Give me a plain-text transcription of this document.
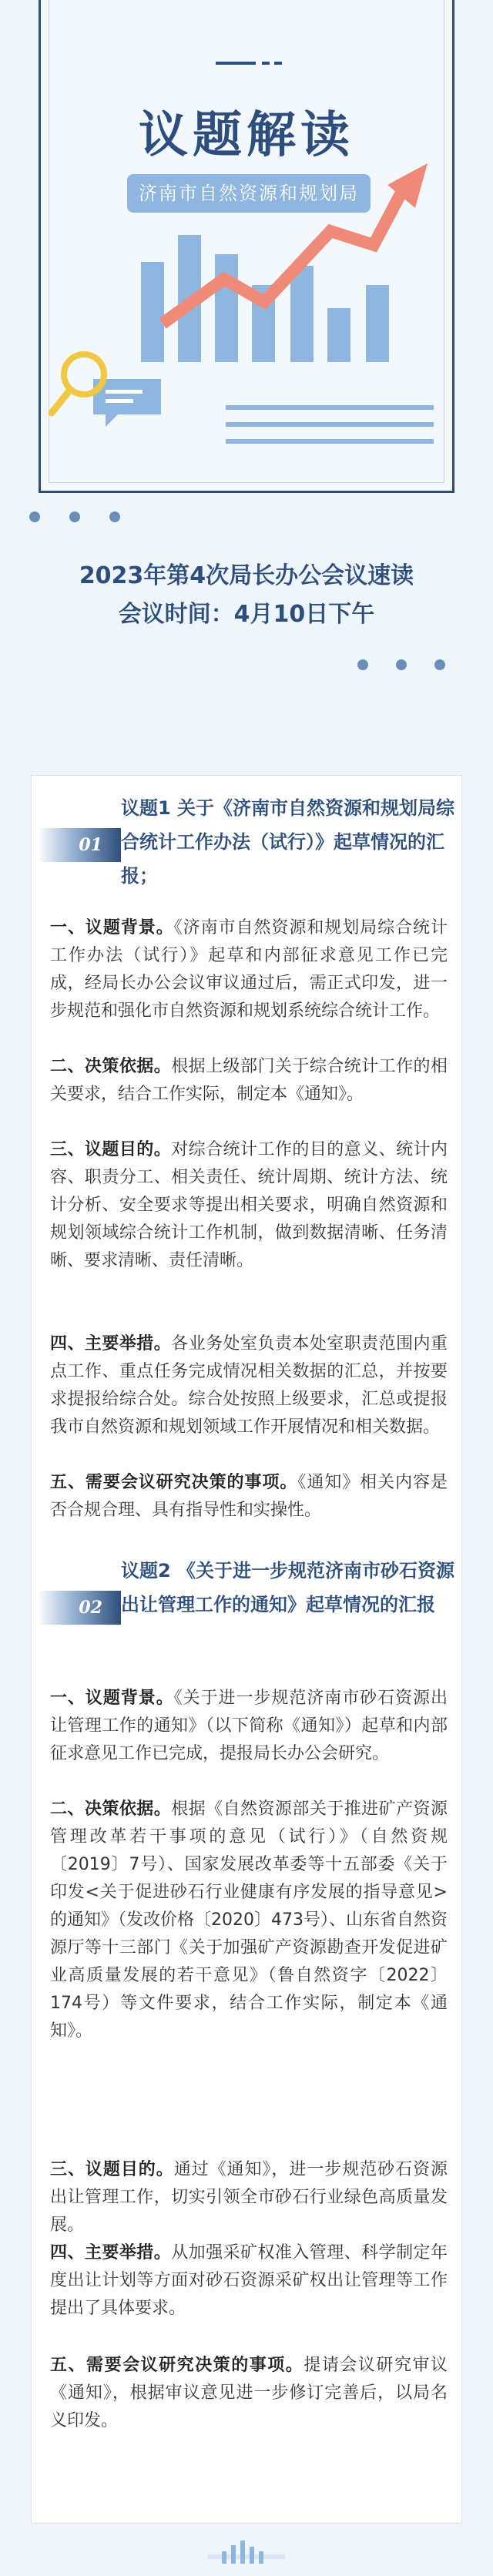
议题解读
济南市自然资源和规划局
2023年第4次局长办公会议速读
会议时间：4月10日下午
01
议题1 关于《济南市自然资源和规划局综合统计工作办法（试行）》起草情况的汇报；

一、议题背景。《济南市自然资源和规划局综合统计工作办法（试行）》起草和内部征求意见工作已完成，经局长办公会议审议通过后，需正式印发，进一步规范和强化市自然资源和规划系统综合统计工作。

二、决策依据。根据上级部门关于综合统计工作的相关要求，结合工作实际，制定本《通知》。

三、议题目的。对综合统计工作的目的意义、统计内容、职责分工、相关责任、统计周期、统计方法、统计分析、安全要求等提出相关要求，明确自然资源和规划领域综合统计工作机制，做到数据清晰、任务清晰、要求清晰、责任清晰。

四、主要举措。各业务处室负责本处室职责范围内重点工作、重点任务完成情况相关数据的汇总，并按要求提报给综合处。综合处按照上级要求，汇总或提报我市自然资源和规划领域工作开展情况和相关数据。

五、需要会议研究决策的事项。《通知》相关内容是否合规合理、具有指导性和实操性。

02
议题2 《关于进一步规范济南市砂石资源出让管理工作的通知》起草情况的汇报

一、议题背景。《关于进一步规范济南市砂石资源出让管理工作的通知》（以下简称《通知》）起草和内部征求意见工作已完成，提报局长办公会研究。

二、决策依据。根据《自然资源部关于推进矿产资源管理改革若干事项的意见（试行）》（自然资规〔2019〕7号）、国家发展改革委等十五部委《关于印发<关于促进砂石行业健康有序发展的指导意见>的通知》（发改价格〔2020〕473号）、山东省自然资源厅等十三部门《关于加强矿产资源勘查开发促进矿业高质量发展的若干意见》（鲁自然资字〔2022〕174号）等文件要求，结合工作实际，制定本《通知》。

三、议题目的。通过《通知》，进一步规范砂石资源出让管理工作，切实引领全市砂石行业绿色高质量发展。

四、主要举措。从加强采矿权准入管理、科学制定年度出让计划等方面对砂石资源采矿权出让管理等工作提出了具体要求。

五、需要会议研究决策的事项。提请会议研究审议《通知》，根据审议意见进一步修订完善后，以局名义印发。
